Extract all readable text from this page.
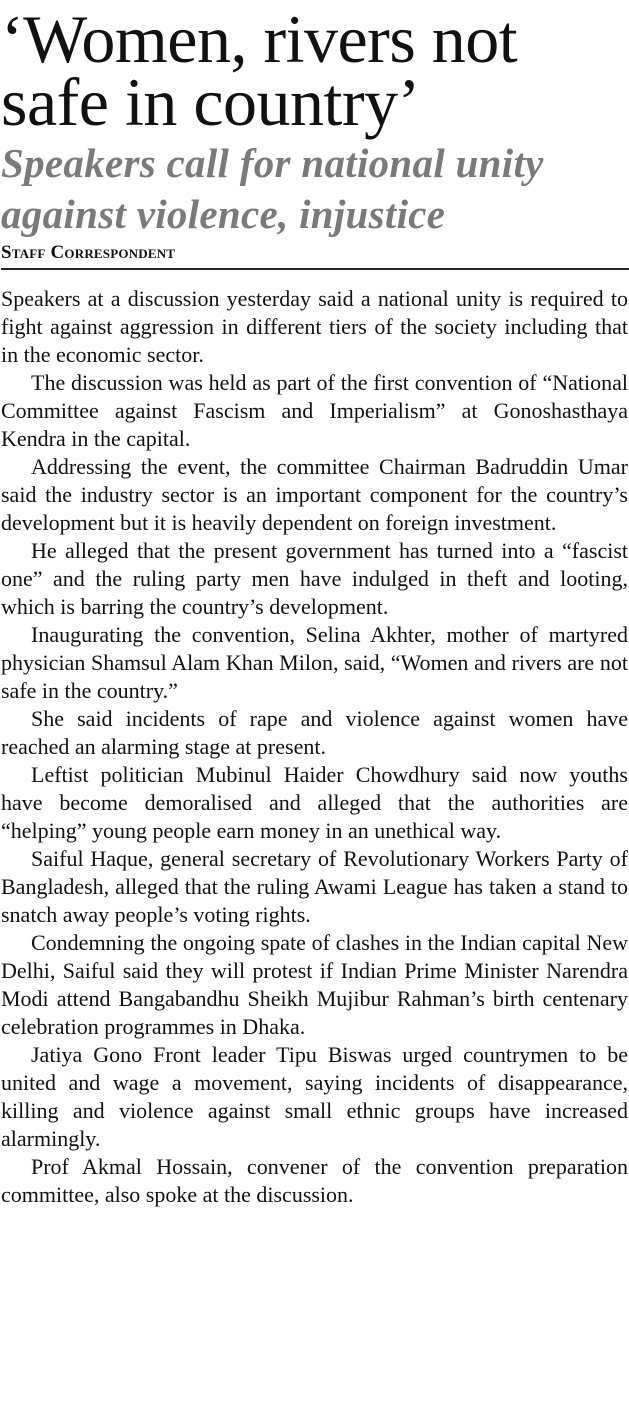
‘Women, rivers not safe in country’
Speakers call for national unity against violence, injustice
Staff Correspondent

Speakers at a discussion yesterday said a national unity is required to fight against aggression in different tiers of the society including that in the economic sector.

The discussion was held as part of the first convention of “National Committee against Fascism and Imperialism” at Gonoshasthaya Kendra in the capital.

Addressing the event, the committee Chairman Badruddin Umar said the industry sector is an important component for the country’s development but it is heavily dependent on foreign investment.

He alleged that the present government has turned into a “fascist one” and the ruling party men have indulged in theft and looting, which is barring the country’s development.

Inaugurating the convention, Selina Akhter, mother of martyred physician Shamsul Alam Khan Milon, said, “Women and rivers are not safe in the country.”

She said incidents of rape and violence against women have reached an alarming stage at present.

Leftist politician Mubinul Haider Chowdhury said now youths have become demoralised and alleged that the authorities are “helping” young people earn money in an unethical way.

Saiful Haque, general secretary of Revolutionary Workers Party of Bangladesh, alleged that the ruling Awami League has taken a stand to snatch away people’s voting rights.

Condemning the ongoing spate of clashes in the Indian capital New Delhi, Saiful said they will protest if Indian Prime Minister Narendra Modi attend Bangabandhu Sheikh Mujibur Rahman’s birth centenary celebration programmes in Dhaka.

Jatiya Gono Front leader Tipu Biswas urged countrymen to be united and wage a movement, saying incidents of disappearance, killing and violence against small ethnic groups have increased alarmingly.

Prof Akmal Hossain, convener of the convention preparation committee, also spoke at the discussion.
